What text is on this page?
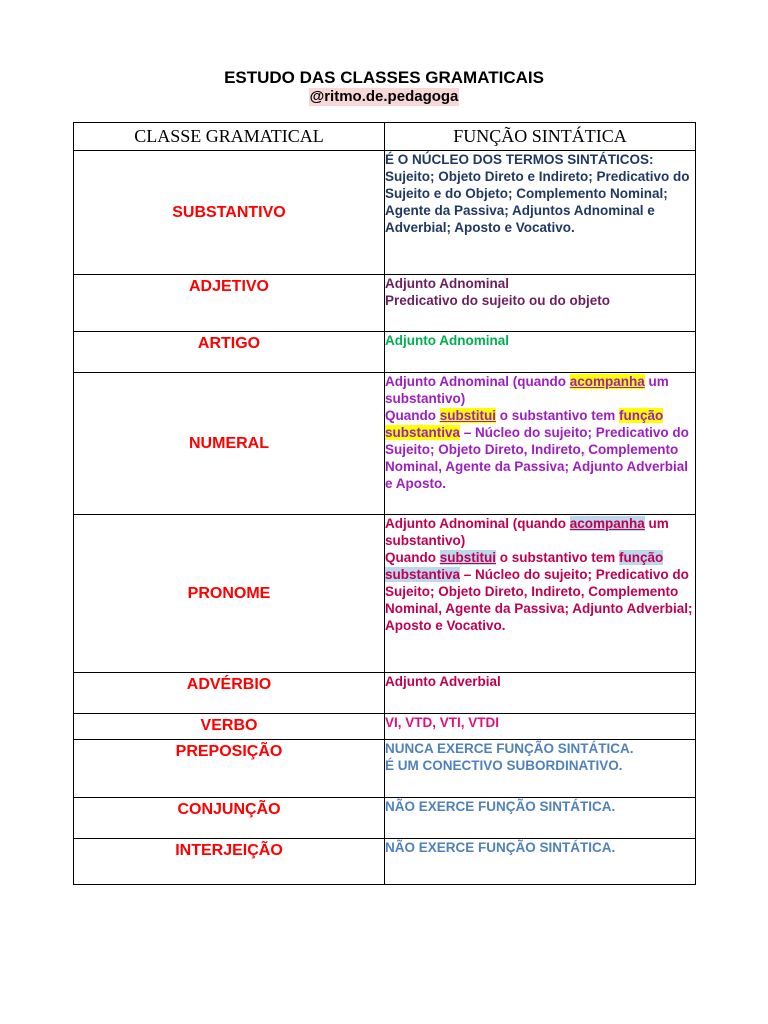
ESTUDO DAS CLASSES GRAMATICAIS
@ritmo.de.pedagoga
CLASSE GRAMATICAL	FUNÇÃO SINTÁTICA
SUBSTANTIVO	É O NÚCLEO DOS TERMOS SINTÁTICOS: Sujeito; Objeto Direto e Indireto; Predicativo do Sujeito e do Objeto; Complemento Nominal; Agente da Passiva; Adjuntos Adnominal e Adverbial; Aposto e Vocativo.
ADJETIVO	Adjunto Adnominal
Predicativo do sujeito ou do objeto

ARTIGO	Adjunto Adnominal
NUMERAL	Adjunto Adnominal (quando acompanha um substantivo)
Quando substitui o substantivo tem função substantiva – Núcleo do sujeito; Predicativo do Sujeito; Objeto Direto, Indireto, Complemento Nominal, Agente da Passiva; Adjunto Adverbial e Aposto.

PRONOME	Adjunto Adnominal (quando acompanha um substantivo)
Quando substitui o substantivo tem função substantiva – Núcleo do sujeito; Predicativo do Sujeito; Objeto Direto, Indireto, Complemento Nominal, Agente da Passiva; Adjunto Adverbial; Aposto e Vocativo.

ADVÉRBIO	Adjunto Adverbial
VERBO	VI, VTD, VTI, VTDI
PREPOSIÇÃO	NUNCA EXERCE FUNÇÃO SINTÁTICA.
É UM CONECTIVO SUBORDINATIVO.

CONJUNÇÃO	NÃO EXERCE FUNÇÃO SINTÁTICA.
INTERJEIÇÃO	NÃO EXERCE FUNÇÃO SINTÁTICA.
